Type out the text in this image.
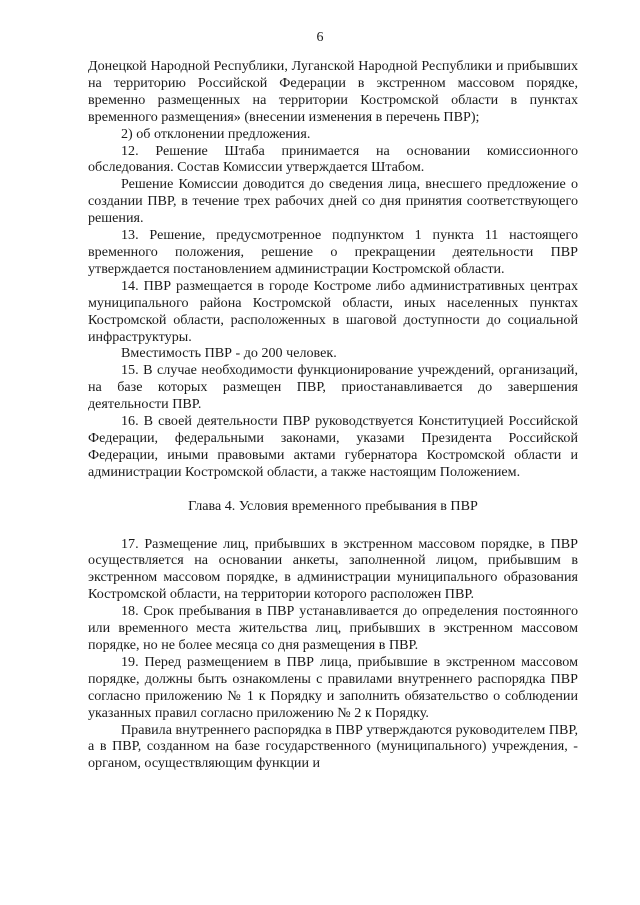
6

Донецкой Народной Республики, Луганской Народной Республики и прибывших на территорию Российской Федерации в экстренном массовом порядке, временно размещенных на территории Костромской области в пунктах временного размещения» (внесении изменения в перечень ПВР);

2) об отклонении предложения.

12. Решение Штаба принимается на основании комиссионного обследования. Состав Комиссии утверждается Штабом.

Решение Комиссии доводится до сведения лица, внесшего предложение о создании ПВР, в течение трех рабочих дней со дня принятия соответствующего решения.

13. Решение, предусмотренное подпунктом 1 пункта 11 настоящего временного положения, решение о прекращении деятельности ПВР утверждается постановлением администрации Костромской области.

14. ПВР размещается в городе Костроме либо административных центрах муниципального района Костромской области, иных населенных пунктах Костромской области, расположенных в шаговой доступности до социальной инфраструктуры.

Вместимость ПВР - до 200 человек.

15. В случае необходимости функционирование учреждений, организаций, на базе которых размещен ПВР, приостанавливается до завершения деятельности ПВР.

16. В своей деятельности ПВР руководствуется Конституцией Российской Федерации, федеральными законами, указами Президента Российской Федерации, иными правовыми актами губернатора Костромской области и администрации Костромской области, а также настоящим Положением.

Глава 4. Условия временного пребывания в ПВР

17. Размещение лиц, прибывших в экстренном массовом порядке, в ПВР осуществляется на основании анкеты, заполненной лицом, прибывшим в экстренном массовом порядке, в администрации муниципального образования Костромской области, на территории которого расположен ПВР.

18. Срок пребывания в ПВР устанавливается до определения постоянного или временного места жительства лиц, прибывших в экстренном массовом порядке, но не более месяца со дня размещения в ПВР.

19. Перед размещением в ПВР лица, прибывшие в экстренном массовом порядке, должны быть ознакомлены с правилами внутреннего распорядка ПВР согласно приложению № 1 к Порядку и заполнить обязательство о соблюдении указанных правил согласно приложению № 2 к Порядку.

Правила внутреннего распорядка в ПВР утверждаются руководителем ПВР, а в ПВР, созданном на базе государственного (муниципального) учреждения, - органом, осуществляющим функции и
